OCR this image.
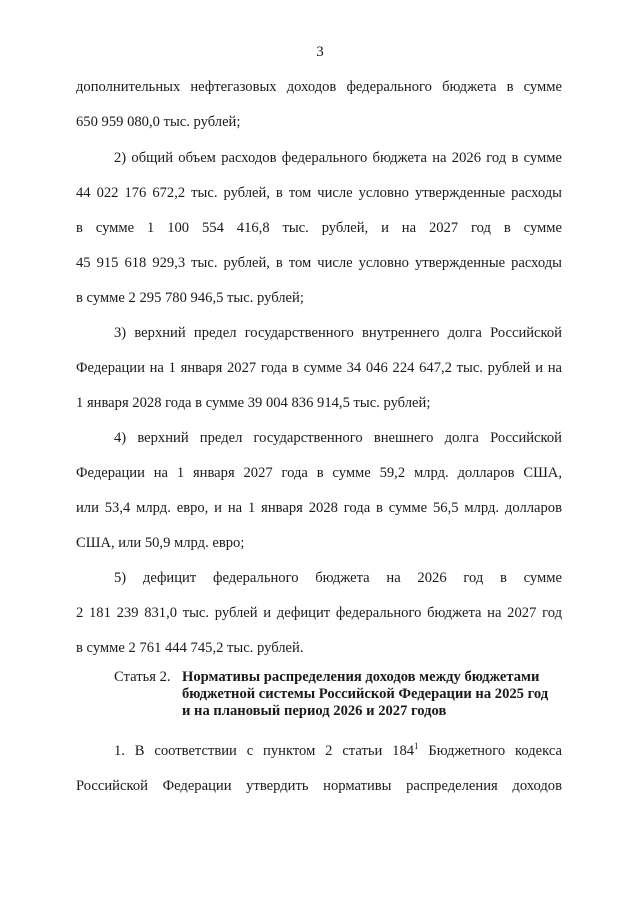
3
дополнительных нефтегазовых доходов федерального бюджета в сумме
650 959 080,0 тыс. рублей;
2) общий объем расходов федерального бюджета на 2026 год в сумме
44 022 176 672,2 тыс. рублей, в том числе условно утвержденные расходы
в сумме 1 100 554 416,8 тыс. рублей, и на 2027 год в сумме
45 915 618 929,3 тыс. рублей, в том числе условно утвержденные расходы
в сумме 2 295 780 946,5 тыс. рублей;
3) верхний предел государственного внутреннего долга Российской
Федерации на 1 января 2027 года в сумме 34 046 224 647,2 тыс. рублей и на
1 января 2028 года в сумме 39 004 836 914,5 тыс. рублей;
4) верхний предел государственного внешнего долга Российской
Федерации на 1 января 2027 года в сумме 59,2 млрд. долларов США,
или 53,4 млрд. евро, и на 1 января 2028 года в сумме 56,5 млрд. долларов
США, или 50,9 млрд. евро;
5) дефицит федерального бюджета на 2026 год в сумме
2 181 239 831,0 тыс. рублей и дефицит федерального бюджета на 2027 год
в сумме 2 761 444 745,2 тыс. рублей.
Статья 2. Нормативы распределения доходов между бюджетами
бюджетной системы Российской Федерации на 2025 год
и на плановый период 2026 и 2027 годов
1. В соответствии с пунктом 2 статьи $184^1$ Бюджетного кодекса
Российской Федерации утвердить нормативы распределения доходов
